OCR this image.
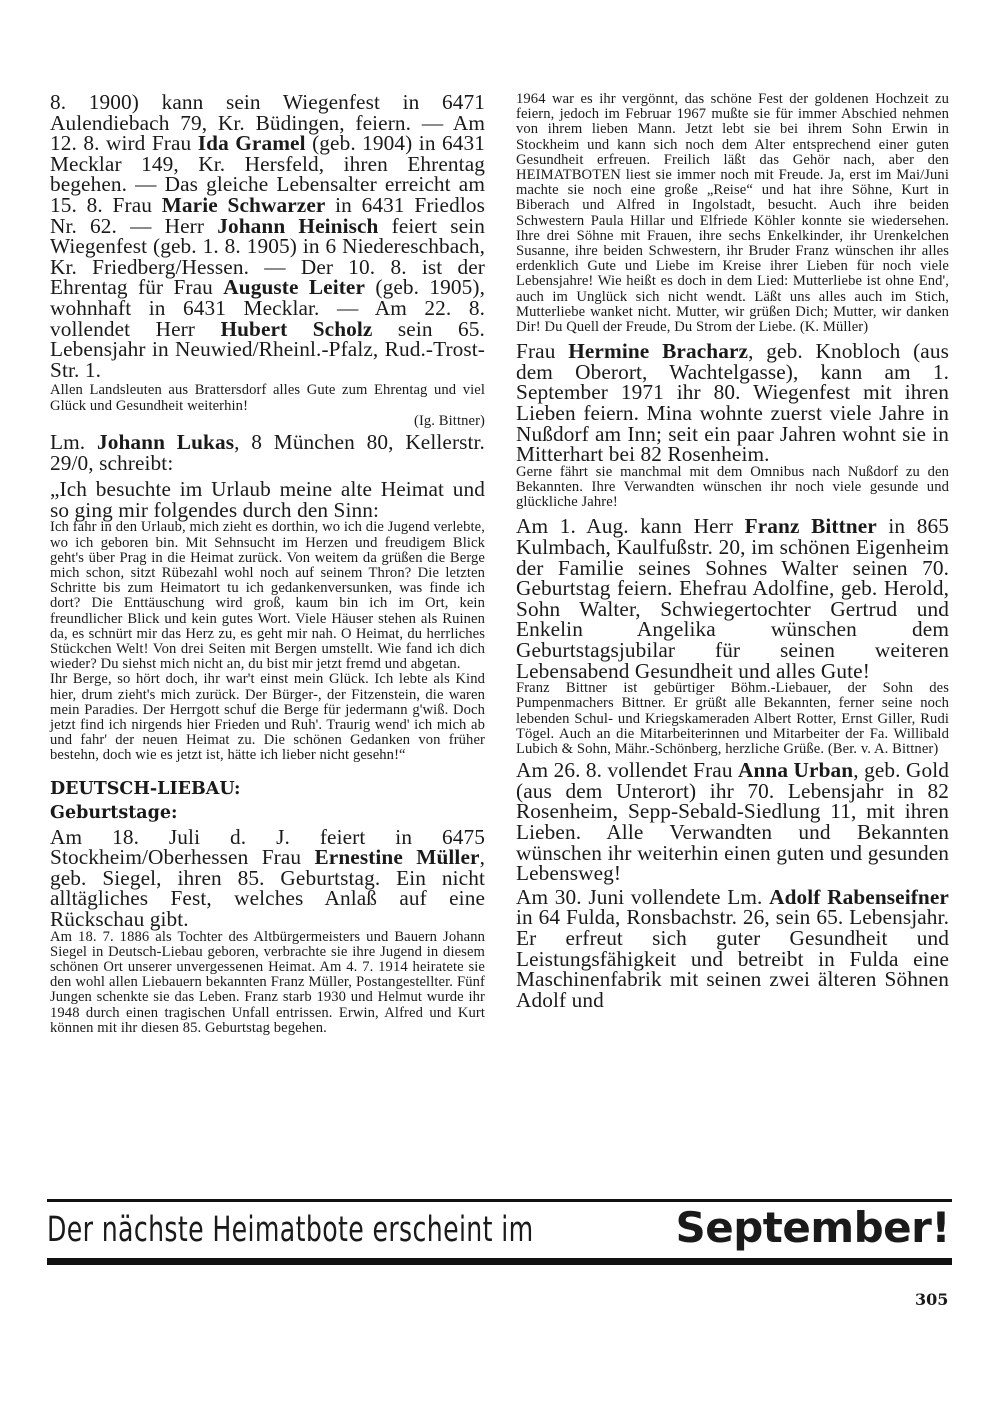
8. 1900) kann sein Wiegenfest in 6471 Aulendiebach 79, Kr. Büdingen, feiern. — Am 12. 8. wird Frau Ida Gramel (geb. 1904) in 6431 Mecklar 149, Kr. Hersfeld, ihren Ehrentag begehen. — Das gleiche Lebensalter erreicht am 15. 8. Frau Marie Schwarzer in 6431 Friedlos Nr. 62. — Herr Johann Heinisch feiert sein Wiegenfest (geb. 1. 8. 1905) in 6 Niedereschbach, Kr. Friedberg/Hessen. — Der 10. 8. ist der Ehrentag für Frau Auguste Leiter (geb. 1905), wohnhaft in 6431 Mecklar. — Am 22. 8. vollendet Herr Hubert Scholz sein 65. Lebensjahr in Neuwied/Rheinl.-Pfalz, Rud.-Trost-Str. 1.

Allen Landsleuten aus Brattersdorf alles Gute zum Ehrentag und viel Glück und Gesundheit weiterhin!

(Ig. Bittner)

Lm. Johann Lukas, 8 München 80, Kellerstr. 29/0, schreibt:

„Ich besuchte im Urlaub meine alte Heimat und so ging mir folgendes durch den Sinn:

Ich fahr in den Urlaub, mich zieht es dorthin, wo ich die Jugend verlebte, wo ich geboren bin. Mit Sehnsucht im Herzen und freudigem Blick geht's über Prag in die Heimat zurück. Von weitem da grüßen die Berge mich schon, sitzt Rübezahl wohl noch auf seinem Thron? Die letzten Schritte bis zum Heimatort tu ich gedankenversunken, was finde ich dort? Die Enttäuschung wird groß, kaum bin ich im Ort, kein freundlicher Blick und kein gutes Wort. Viele Häuser stehen als Ruinen da, es schnürt mir das Herz zu, es geht mir nah. O Heimat, du herrliches Stückchen Welt! Von drei Seiten mit Bergen umstellt. Wie fand ich dich wieder? Du siehst mich nicht an, du bist mir jetzt fremd und abgetan.

Ihr Berge, so hört doch, ihr war't einst mein Glück. Ich lebte als Kind hier, drum zieht's mich zurück. Der Bürger-, der Fitzenstein, die waren mein Paradies. Der Herrgott schuf die Berge für jedermann g'wiß. Doch jetzt find ich nirgends hier Frieden und Ruh'. Traurig wend' ich mich ab und fahr' der neuen Heimat zu. Die schönen Gedanken von früher bestehn, doch wie es jetzt ist, hätte ich lieber nicht gesehn!“

DEUTSCH-LIEBAU:

Geburtstage:

Am 18. Juli d. J. feiert in 6475 Stockheim/Oberhessen Frau Ernestine Müller, geb. Siegel, ihren 85. Geburtstag. Ein nicht alltägliches Fest, welches Anlaß auf eine Rückschau gibt.

Am 18. 7. 1886 als Tochter des Altbürgermeisters und Bauern Johann Siegel in Deutsch-Liebau geboren, verbrachte sie ihre Jugend in diesem schönen Ort unserer unvergessenen Heimat. Am 4. 7. 1914 heiratete sie den wohl allen Liebauern bekannten Franz Müller, Postangestellter. Fünf Jungen schenkte sie das Leben. Franz starb 1930 und Helmut wurde ihr 1948 durch einen tragischen Unfall entrissen. Erwin, Alfred und Kurt können mit ihr diesen 85. Geburtstag begehen.

1964 war es ihr vergönnt, das schöne Fest der goldenen Hochzeit zu feiern, jedoch im Februar 1967 mußte sie für immer Abschied nehmen von ihrem lieben Mann. Jetzt lebt sie bei ihrem Sohn Erwin in Stockheim und kann sich noch dem Alter entsprechend einer guten Gesundheit erfreuen. Freilich läßt das Gehör nach, aber den HEIMATBOTEN liest sie immer noch mit Freude. Ja, erst im Mai/Juni machte sie noch eine große „Reise“ und hat ihre Söhne, Kurt in Biberach und Alfred in Ingolstadt, besucht. Auch ihre beiden Schwestern Paula Hillar und Elfriede Köhler konnte sie wiedersehen. Ihre drei Söhne mit Frauen, ihre sechs Enkelkinder, ihr Urenkelchen Susanne, ihre beiden Schwestern, ihr Bruder Franz wünschen ihr alles erdenklich Gute und Liebe im Kreise ihrer Lieben für noch viele Lebensjahre! Wie heißt es doch in dem Lied: Mutterliebe ist ohne End', auch im Unglück sich nicht wendt. Läßt uns alles auch im Stich, Mutterliebe wanket nicht. Mutter, wir grüßen Dich; Mutter, wir danken Dir! Du Quell der Freude, Du Strom der Liebe. (K. Müller)

Frau Hermine Bracharz, geb. Knobloch (aus dem Oberort, Wachtelgasse), kann am 1. September 1971 ihr 80. Wiegenfest mit ihren Lieben feiern. Mina wohnte zuerst viele Jahre in Nußdorf am Inn; seit ein paar Jahren wohnt sie in Mitterhart bei 82 Rosenheim.

Gerne fährt sie manchmal mit dem Omnibus nach Nußdorf zu den Bekannten. Ihre Verwandten wünschen ihr noch viele gesunde und glückliche Jahre!

Am 1. Aug. kann Herr Franz Bittner in 865 Kulmbach, Kaulfußstr. 20, im schönen Eigenheim der Familie seines Sohnes Walter seinen 70. Geburtstag feiern. Ehefrau Adolfine, geb. Herold, Sohn Walter, Schwiegertochter Gertrud und Enkelin Angelika wünschen dem Geburtstagsjubilar für seinen weiteren Lebensabend Gesundheit und alles Gute!

Franz Bittner ist gebürtiger Böhm.-Liebauer, der Sohn des Pumpenmachers Bittner. Er grüßt alle Bekannten, ferner seine noch lebenden Schul- und Kriegskameraden Albert Rotter, Ernst Giller, Rudi Tögel. Auch an die Mitarbeiterinnen und Mitarbeiter der Fa. Willibald Lubich & Sohn, Mähr.-Schönberg, herzliche Grüße. (Ber. v. A. Bittner)

Am 26. 8. vollendet Frau Anna Urban, geb. Gold (aus dem Unterort) ihr 70. Lebensjahr in 82 Rosenheim, Sepp-Sebald-Siedlung 11, mit ihren Lieben. Alle Verwandten und Bekannten wünschen ihr weiterhin einen guten und gesunden Lebensweg!

Am 30. Juni vollendete Lm. Adolf Rabenseifner in 64 Fulda, Ronsbachstr. 26, sein 65. Lebensjahr. Er erfreut sich guter Gesundheit und Leistungsfähigkeit und betreibt in Fulda eine Maschinenfabrik mit seinen zwei älteren Söhnen Adolf und

Der nächste Heimatbote erscheint im	September!
305
